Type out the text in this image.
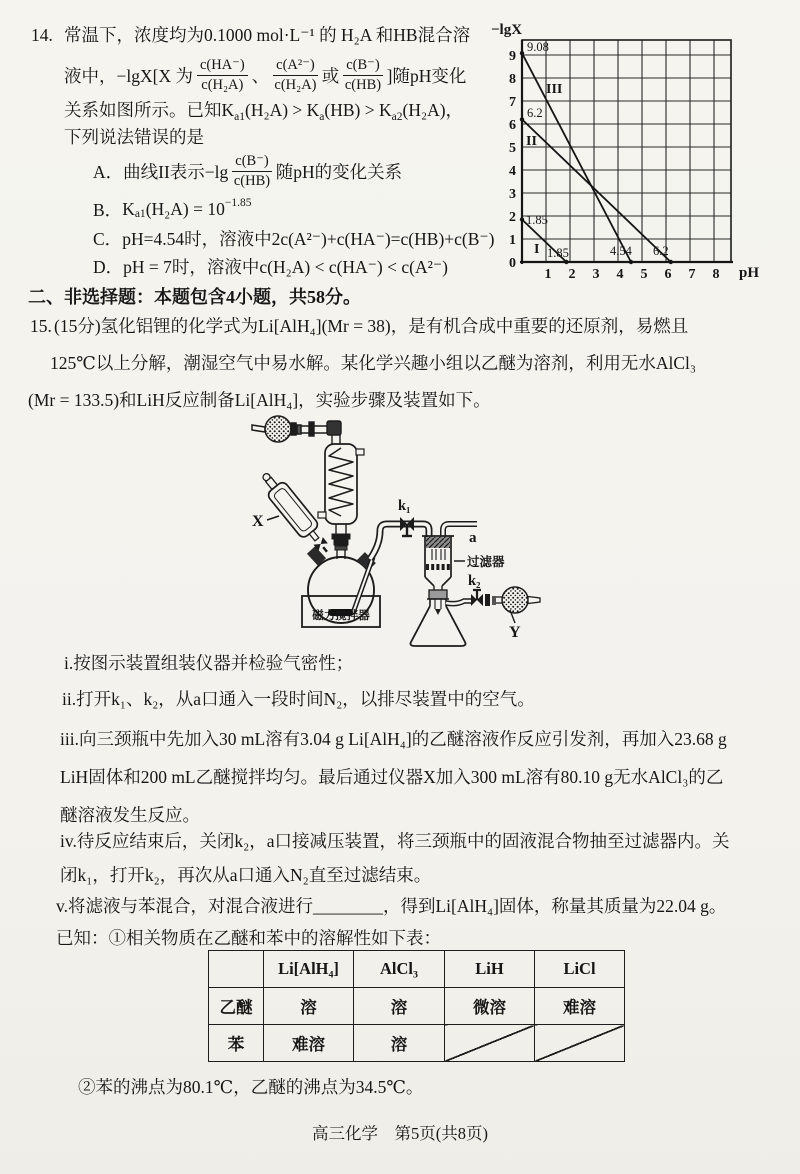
14. 常温下，浓度均为0.1000 mol·L⁻¹ 的 H₂A 和HB混合溶
液中，−lgX[X 为 $\frac{c(HA^-)}{\text{c(H₂A)}}$ 、 $\frac{\text{c(A²⁻)}}{\text{c(H₂A)}}$ 或 $\frac{c(B^-)}{c(HB)}$ ]随pH变化
关系如图所示。已知$K_{a1}(H_2A) > K_a(HB) > K_{a2}(H_2A)$，
下列说法错误的是
A． 曲线II表示$-\lg \frac{c(B^-)}{c(HB)}$ 随pH的变化关系
B． K a1 (H₂A) = 10 −1.85
C． pH=4.54时，溶液中2c(A²⁻)+c(HA⁻)=c(HB)+c(B⁻)
D． pH = 7时，溶液中c(H₂A) < c(HA⁻) < c(A²⁻)
−lgX
pH
0
1
2
3
4
5
6
7
8
9
1 2 3 4 5 6 7 8
III
II
I
9.08
6.2
1.85
1.85	4.54 6.2
二、非选择题：本题包含4小题，共58分。
15. (15分)氢化铝锂的化学式为Li[AlH₄](Mr = 38)，是有机合成中重要的还原剂，易燃且
125℃以上分解，潮湿空气中易水解。某化学兴趣小组以乙醚为溶剂，利用无水AlCl₃
(Mr = 133.5)和LiH反应制备Li[AlH₄]，实验步骤及装置如下。
X
k₁
a
过滤器
k₂
Y
磁力搅拌器
i.按图示装置组装仪器并检验气密性；
ii.打开k₁、k₂，从a口通入一段时间N₂，以排尽装置中的空气。
iii.向三颈瓶中先加入30 mL溶有3.04 g Li[AlH₄]的乙醚溶液作反应引发剂，再加入23.68 g
LiH固体和200 mL乙醚搅拌均匀。最后通过仪器X加入300 mL溶有80.10 g无水AlCl₃的乙
醚溶液发生反应。
iv.待反应结束后，关闭k₂，a口接减压装置，将三颈瓶中的固液混合物抽至过滤器内。关
闭k₁，打开k₂，再次从a口通入N₂直至过滤结束。
v.将滤液与苯混合，对混合液进行________，得到Li[AlH₄]固体，称量其质量为22.04 g。
已知：①相关物质在乙醚和苯中的溶解性如下表：
	Li[AlH₄]	AlCl₃	LiH	LiCl
乙醚	溶	溶	微溶	难溶
苯	难溶	溶		
②苯的沸点为80.1℃，乙醚的沸点为34.5℃。
高三化学　第5页(共8页)
